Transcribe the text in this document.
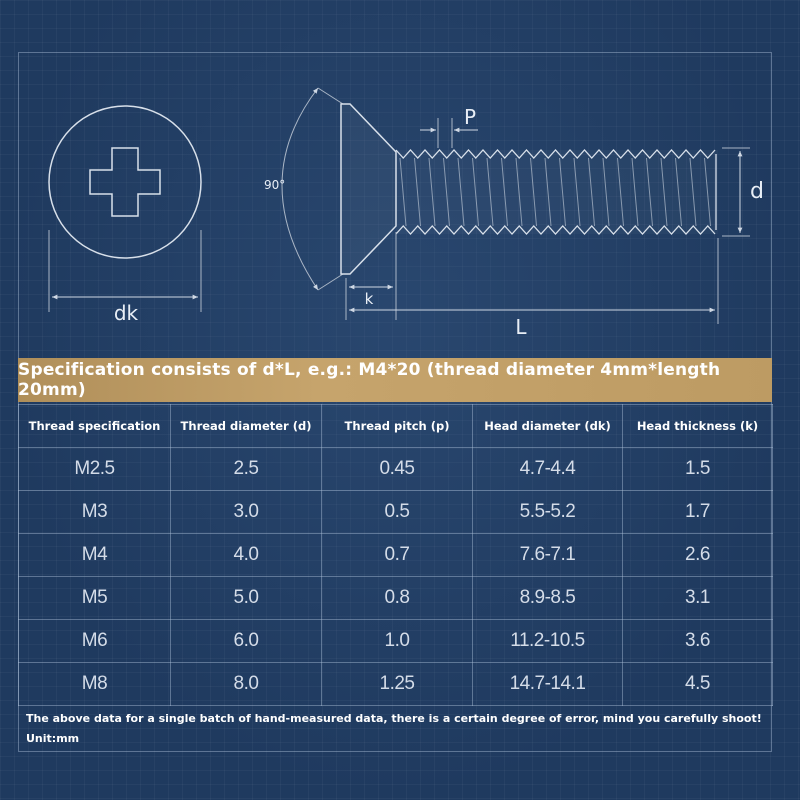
dk
90°
P
d
k
L
Specification consists of d*L, e.g.: M4*20 (thread diameter 4mm*length 20mm)
Thread specification	Thread diameter (d)	Thread pitch (p)	Head diameter (dk)	Head thickness (k)
M2.5	2.5	0.45	4.7-4.4	1.5
M3	3.0	0.5	5.5-5.2	1.7
M4	4.0	0.7	7.6-7.1	2.6
M5	5.0	0.8	8.9-8.5	3.1
M6	6.0	1.0	11.2-10.5	3.6
M8	8.0	1.25	14.7-14.1	4.5
The above data for a single batch of hand-measured data, there is a certain degree of error, mind you carefully shoot!
Unit:mm
